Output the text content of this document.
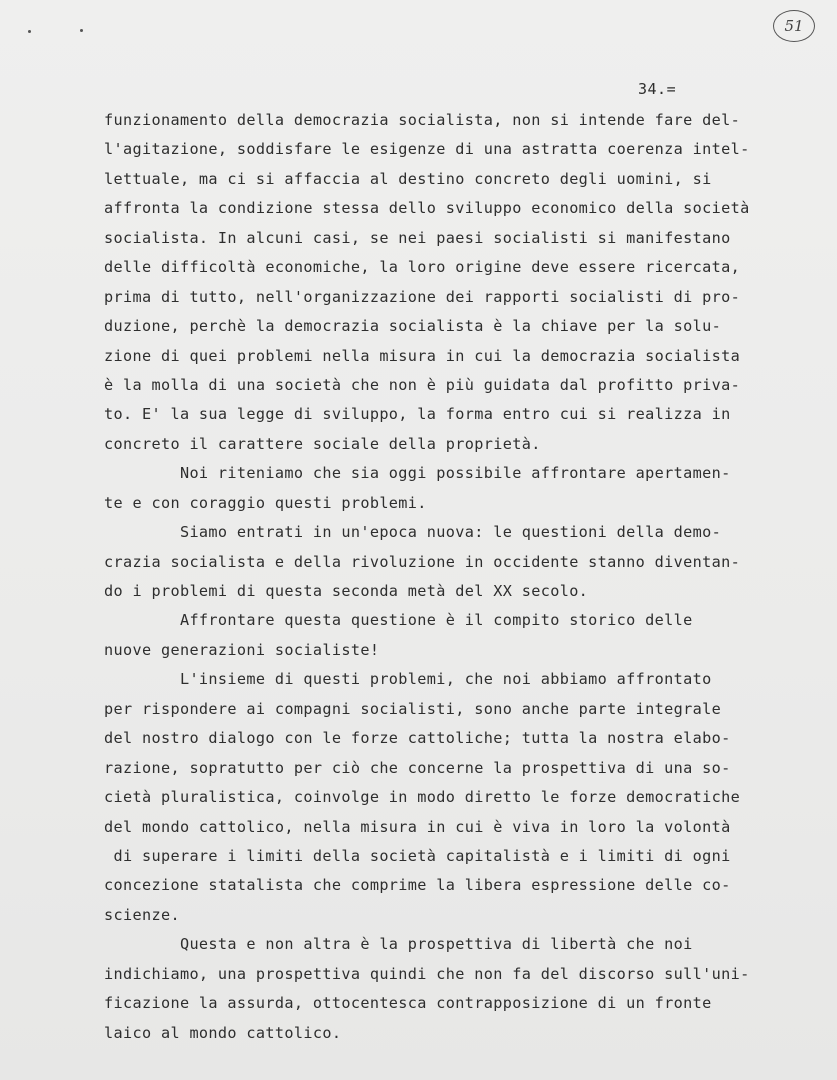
51
34.=
funzionamento della democrazia socialista, non si intende fare del-
l'agitazione, soddisfare le esigenze di una astratta coerenza intel-
lettuale, ma ci si affaccia al destino concreto degli uomini, si
affronta la condizione stessa dello sviluppo economico della società
socialista. In alcuni casi, se nei paesi socialisti si manifestano
delle difficoltà economiche, la loro origine deve essere ricercata,
prima di tutto, nell'organizzazione dei rapporti socialisti di pro-
duzione, perchè la democrazia socialista è la chiave per la solu-
zione di quei problemi nella misura in cui la democrazia socialista
è la molla di una società che non è più guidata dal profitto priva-
to. E' la sua legge di sviluppo, la forma entro cui si realizza in
concreto il carattere sociale della proprietà.
Noi riteniamo che sia oggi possibile affrontare apertamen-
te e con coraggio questi problemi.
Siamo entrati in un'epoca nuova: le questioni della demo-
crazia socialista e della rivoluzione in occidente stanno diventan-
do i problemi di questa seconda metà del XX secolo.
Affrontare questa questione è il compito storico delle
nuove generazioni socialiste!
L'insieme di questi problemi, che noi abbiamo affrontato
per rispondere ai compagni socialisti, sono anche parte integrale
del nostro dialogo con le forze cattoliche; tutta la nostra elabo-
razione, sopratutto per ciò che concerne la prospettiva di una so-
cietà pluralistica, coinvolge in modo diretto le forze democratiche
del mondo cattolico, nella misura in cui è viva in loro la volontà
di superare i limiti della società capitalistà e i limiti di ogni
concezione statalista che comprime la libera espressione delle co-
scienze.
Questa e non altra è la prospettiva di libertà che noi
indichiamo, una prospettiva quindi che non fa del discorso sull'uni-
ficazione la assurda, ottocentesca contrapposizione di un fronte
laico al mondo cattolico.
